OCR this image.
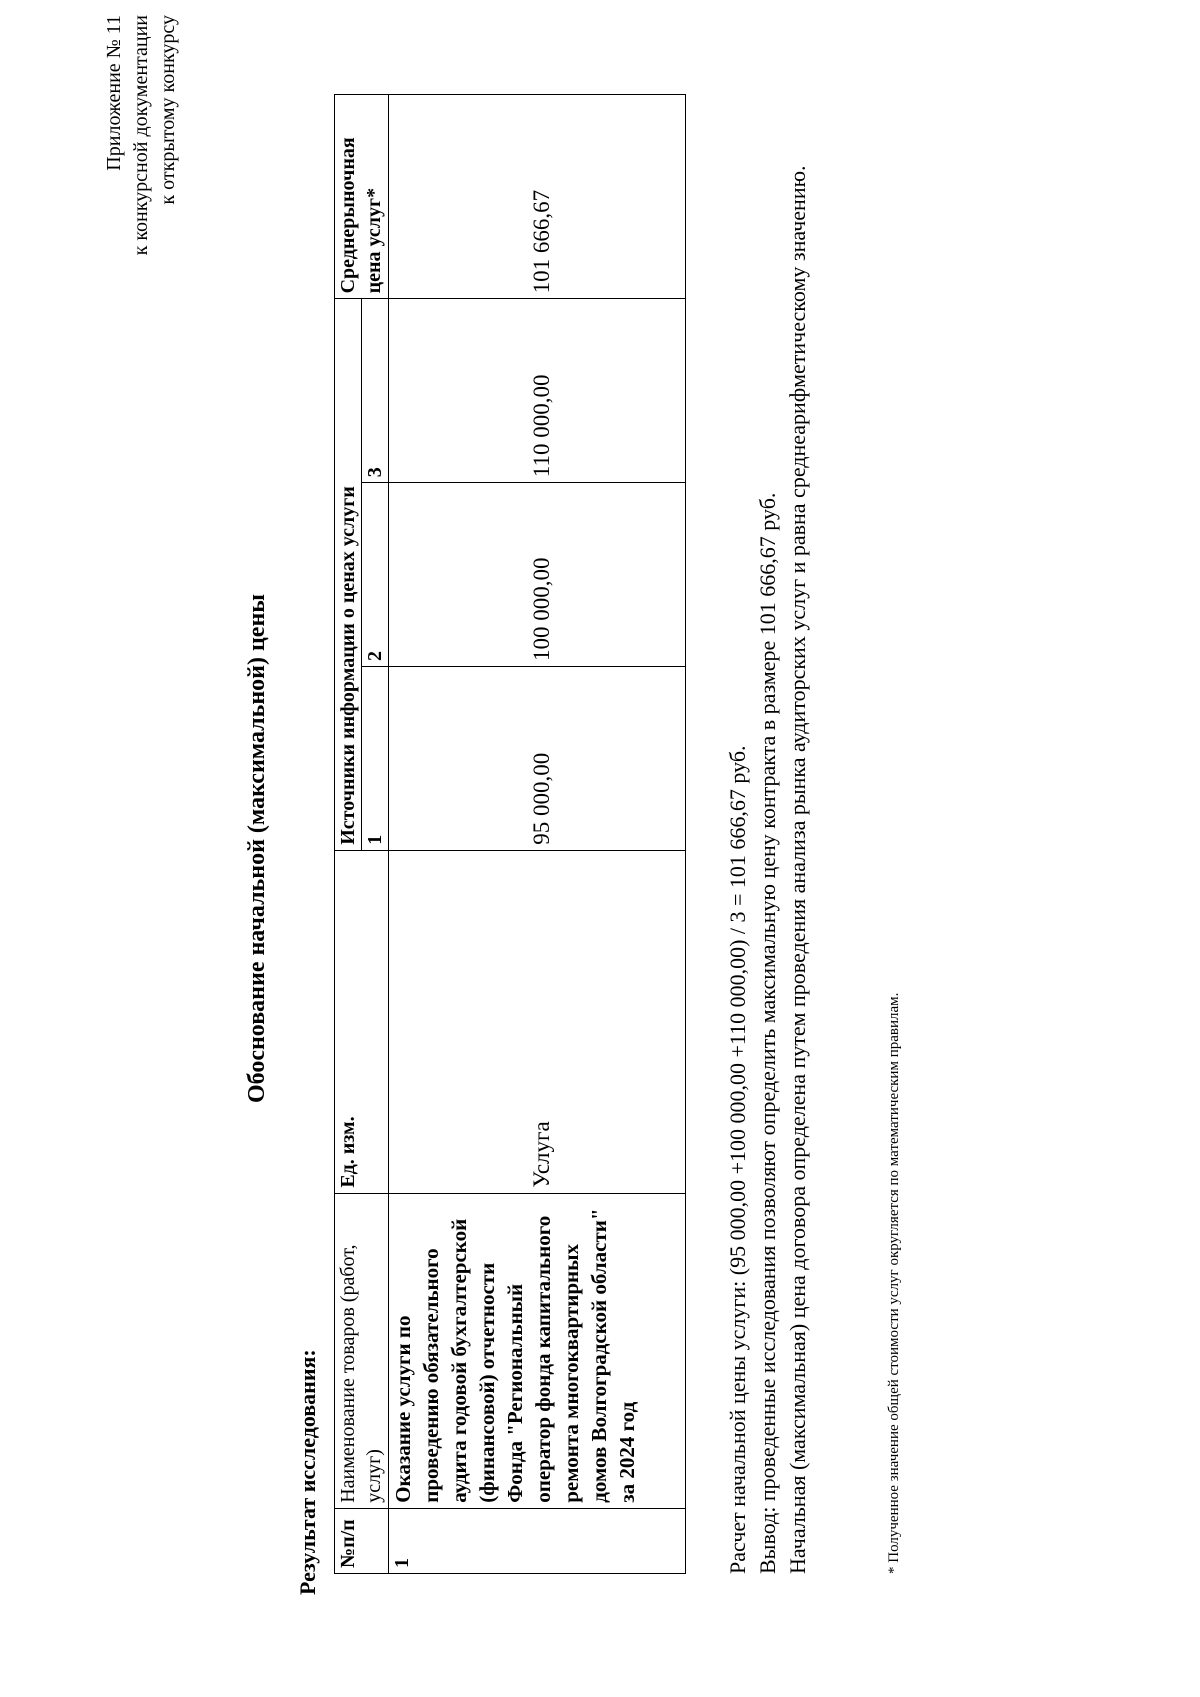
Приложение № 11 к конкурсной документации к открытому конкурсу
Обоснование начальной (максимальной) цены
Результат исследования: №п/п	Наименование товаров (работ, услуг)	Ед. изм.	Источники информации о ценах услуги			Среднерыночная цена услуг*
			1	2	3	
1	Оказание услуги по проведению обязательного аудита годовой бухгалтерской (финансовой) отчетности Фонда "Региональный оператор фонда капитального ремонта многоквартирных домов Волгоградской области" за 2024 год	Услуга	95 000,00	100 000,00	110 000,00	101 666,67

Расчет начальной цены услуги: (95 000,00 +100 000,00 +110 000,00) / 3 = 101 666,67 руб. Вывод: проведенные исследования позволяют определить максимальную цену контракта в размере 101 666,67 руб. Начальная (максимальная) цена договора определена путем проведения анализа рынка аудиторских услуг и равна среднеарифметическому значению.	* Полученное значение общей стоимости услуг округляется по математическим правилам.
